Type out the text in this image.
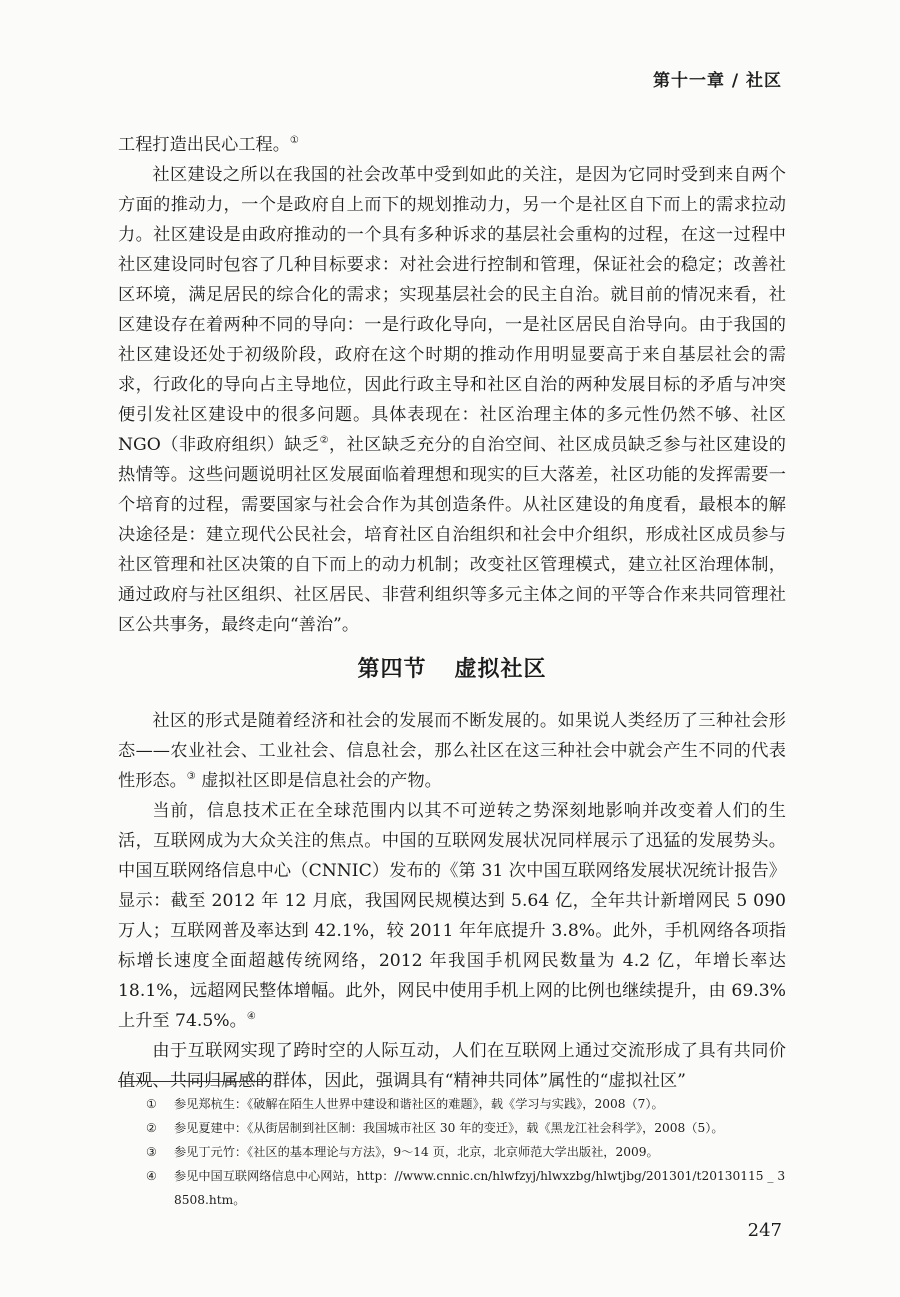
第十一章 / 社区

工程打造出民心工程。①

社区建设之所以在我国的社会改革中受到如此的关注，是因为它同时受到来自两个方面的推动力，一个是政府自上而下的规划推动力，另一个是社区自下而上的需求拉动力。社区建设是由政府推动的一个具有多种诉求的基层社会重构的过程，在这一过程中社区建设同时包容了几种目标要求：对社会进行控制和管理，保证社会的稳定；改善社区环境，满足居民的综合化的需求；实现基层社会的民主自治。就目前的情况来看，社区建设存在着两种不同的导向：一是行政化导向，一是社区居民自治导向。由于我国的社区建设还处于初级阶段，政府在这个时期的推动作用明显要高于来自基层社会的需求，行政化的导向占主导地位，因此行政主导和社区自治的两种发展目标的矛盾与冲突便引发社区建设中的很多问题。具体表现在：社区治理主体的多元性仍然不够、社区 NGO（非政府组织）缺乏②，社区缺乏充分的自治空间、社区成员缺乏参与社区建设的热情等。这些问题说明社区发展面临着理想和现实的巨大落差，社区功能的发挥需要一个培育的过程，需要国家与社会合作为其创造条件。从社区建设的角度看，最根本的解决途径是：建立现代公民社会，培育社区自治组织和社会中介组织，形成社区成员参与社区管理和社区决策的自下而上的动力机制；改变社区管理模式，建立社区治理体制，通过政府与社区组织、社区居民、非营利组织等多元主体之间的平等合作来共同管理社区公共事务，最终走向“善治”。

第四节 虚拟社区

社区的形式是随着经济和社会的发展而不断发展的。如果说人类经历了三种社会形态——农业社会、工业社会、信息社会，那么社区在这三种社会中就会产生不同的代表性形态。③ 虚拟社区即是信息社会的产物。

当前，信息技术正在全球范围内以其不可逆转之势深刻地影响并改变着人们的生活，互联网成为大众关注的焦点。中国的互联网发展状况同样展示了迅猛的发展势头。中国互联网络信息中心（CNNIC）发布的《第 31 次中国互联网络发展状况统计报告》显示：截至 2012 年 12 月底，我国网民规模达到 5.64 亿，全年共计新增网民 5 090 万人；互联网普及率达到 42.1%，较 2011 年年底提升 3.8%。此外，手机网络各项指标增长速度全面超越传统网络，2012 年我国手机网民数量为 4.2 亿，年增长率达 18.1%，远超网民整体增幅。此外，网民中使用手机上网的比例也继续提升，由 69.3%上升至 74.5%。④

由于互联网实现了跨时空的人际互动，人们在互联网上通过交流形成了具有共同价值观、共同归属感的群体，因此，强调具有“精神共同体”属性的“虚拟社区”

①	参见郑杭生：《破解在陌生人世界中建设和谐社区的难题》，载《学习与实践》，2008（7）。
②	参见夏建中：《从街居制到社区制：我国城市社区 30 年的变迁》，载《黑龙江社会科学》，2008（5）。
③	参见丁元竹：《社区的基本理论与方法》，9～14 页，北京，北京师范大学出版社，2009。
④	参见中国互联网络信息中心网站，http：//www.cnnic.cn/hlwfzyj/hlwxzbg/hlwtjbg/201301/t20130115 _ 38508.htm。
247
